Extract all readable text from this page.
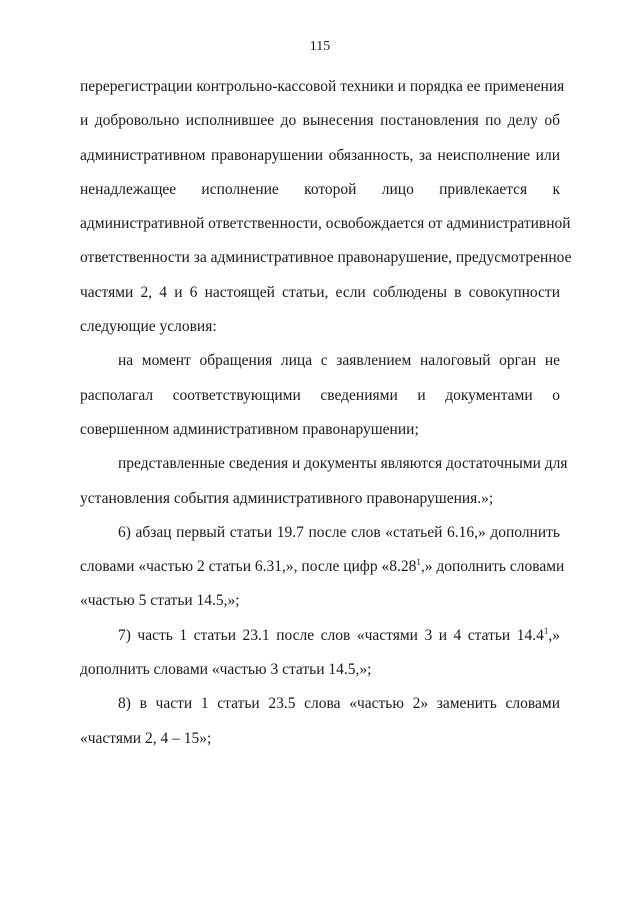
115

перерегистрации контрольно-кассовой техники и порядка ее применения
и добровольно исполнившее до вынесения постановления по делу об
административном правонарушении обязанность, за неисполнение или
ненадлежащее исполнение которой лицо привлекается к
административной ответственности, освобождается от административной
ответственности за административное правонарушение, предусмотренное
частями 2, 4 и 6 настоящей статьи, если соблюдены в совокупности
следующие условия:

на момент обращения лица с заявлением налоговый орган не
располагал соответствующими сведениями и документами о
совершенном административном правонарушении;

представленные сведения и документы являются достаточными для
установления события административного правонарушения.»;

6) абзац первый статьи 19.7 после слов «статьей 6.16,» дополнить
словами «частью 2 статьи 6.31,», после цифр «8.28$^1$,» дополнить словами
«частью 5 статьи 14.5,»;

7) часть 1 статьи 23.1 после слов «частями 3 и 4 статьи 14.4$^1$,»
дополнить словами «частью 3 статьи 14.5,»;

8) в части 1 статьи 23.5 слова «частью 2» заменить словами
«частями 2, 4 – 15»;
